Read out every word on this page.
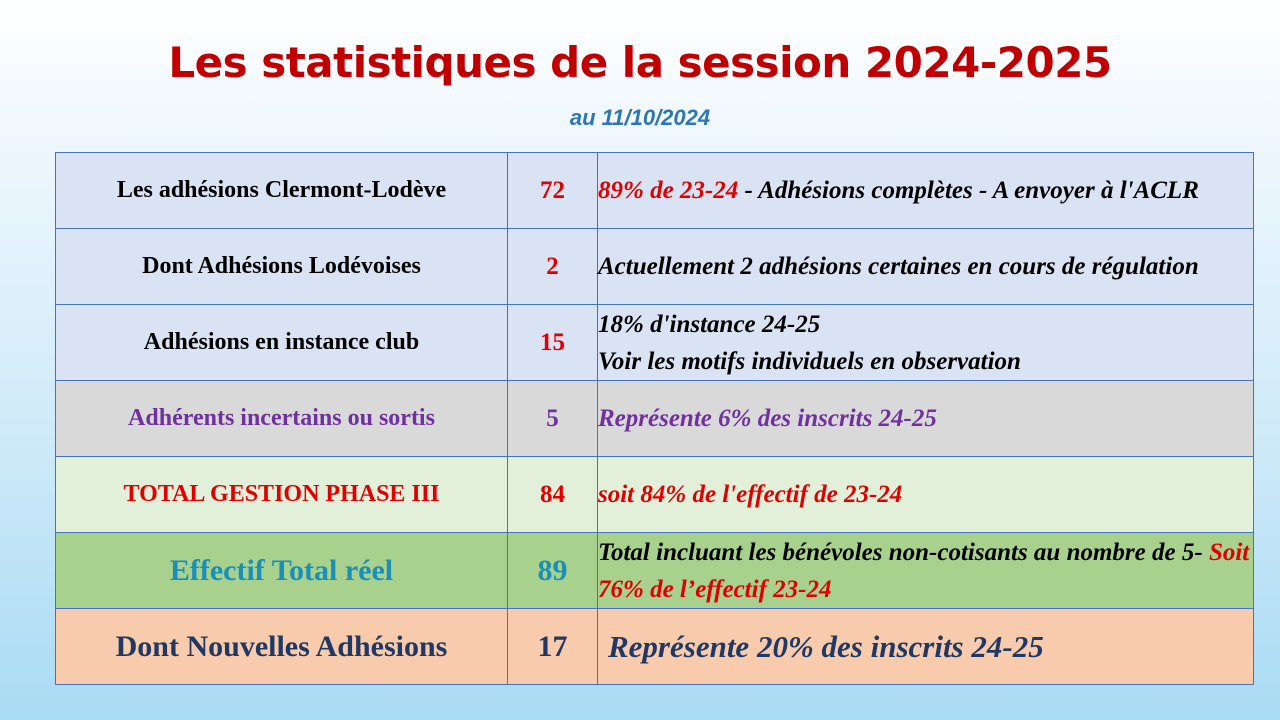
Les statistiques de la session 2024-2025
au 11/10/2024
Les adhésions Clermont-Lodève	72	89% de 23-24 - Adhésions complètes - A envoyer à l'ACLR
Dont Adhésions Lodévoises	2	Actuellement 2 adhésions certaines en cours de régulation
Adhésions en instance club	15	18% d'instance 24-25
Voir les motifs individuels en observation

Adhérents incertains ou sortis	5	Représente 6% des inscrits 24-25
TOTAL GESTION PHASE III	84	soit 84% de l'effectif de 23-24
Effectif Total réel	89	Total incluant les bénévoles non-cotisants au nombre de 5- Soit 76% de l’effectif 23-24
Dont Nouvelles Adhésions	17	Représente 20% des inscrits 24-25
